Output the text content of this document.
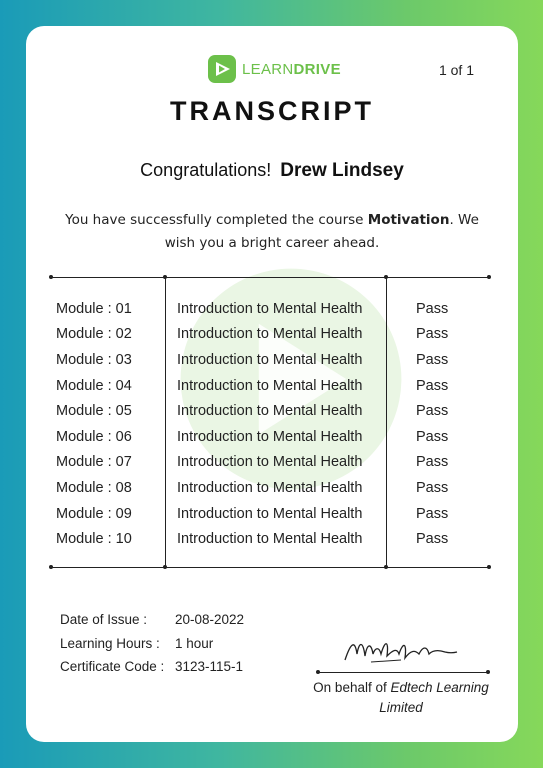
LEARNDRIVE	1 of 1
TRANSCRIPT
Congratulations! Drew Lindsey
You have successfully completed the course Motivation. We wish you a bright career ahead.
Module : 01	Introduction to Mental Health	Pass
Module : 02	Introduction to Mental Health	Pass
Module : 03	Introduction to Mental Health	Pass
Module : 04	Introduction to Mental Health	Pass
Module : 05	Introduction to Mental Health	Pass
Module : 06	Introduction to Mental Health	Pass
Module : 07	Introduction to Mental Health	Pass
Module : 08	Introduction to Mental Health	Pass
Module : 09	Introduction to Mental Health	Pass
Module : 10	Introduction to Mental Health	Pass
Date of Issue :	20-08-2022
Learning Hours :	1 hour
Certificate Code : 3123-115-1
On behalf of Edtech Learning Limited
